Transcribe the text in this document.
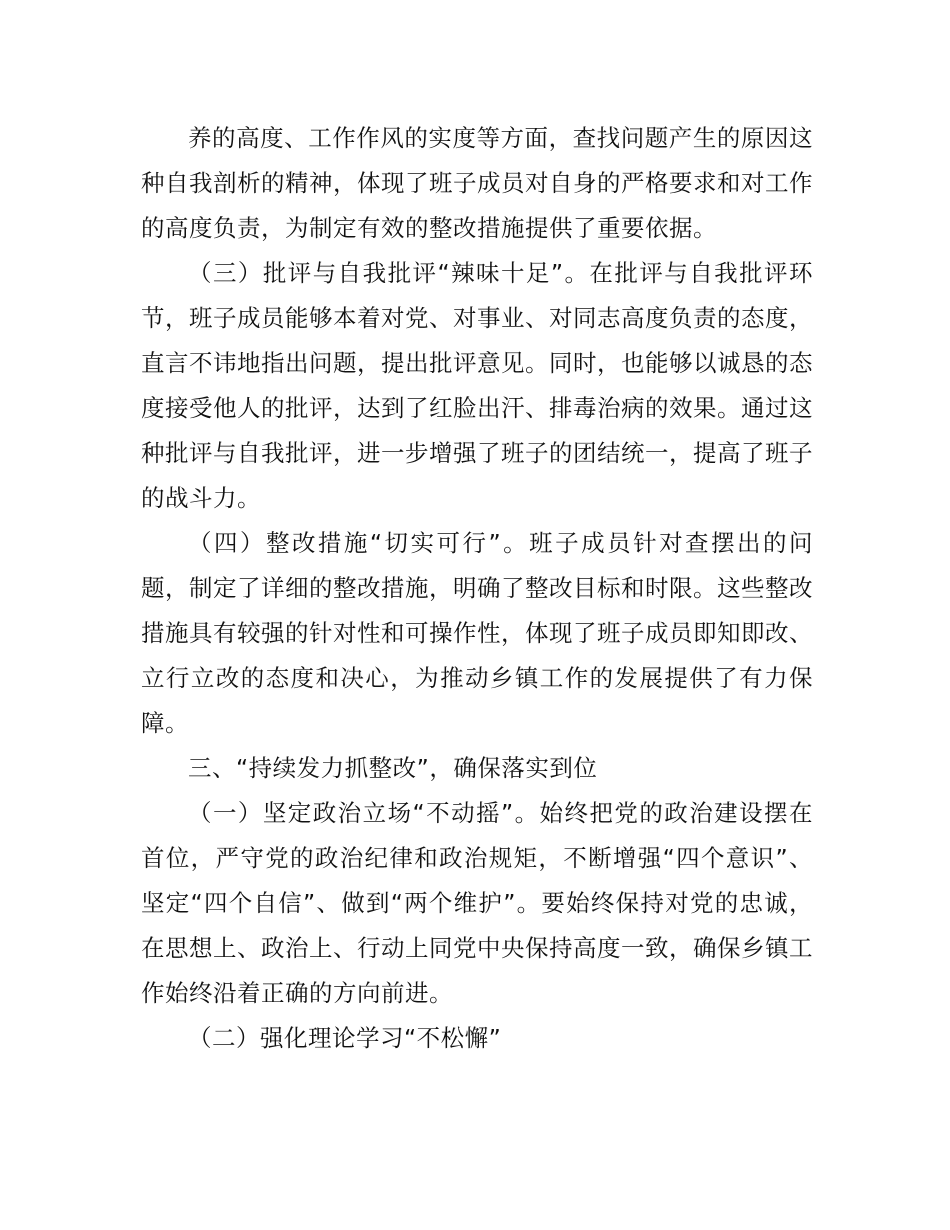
养的高度、工作作风的实度等方面，查找问题产生的原因这种自我剖析的精神，体现了班子成员对自身的严格要求和对工作的高度负责，为制定有效的整改措施提供了重要依据。

（三）批评与自我批评“辣味十足”。在批评与自我批评环节，班子成员能够本着对党、对事业、对同志高度负责的态度，直言不讳地指出问题，提出批评意见。同时，也能够以诚恳的态度接受他人的批评，达到了红脸出汗、排毒治病的效果。通过这种批评与自我批评，进一步增强了班子的团结统一，提高了班子的战斗力。

（四）整改措施“切实可行”。班子成员针对查摆出的问题，制定了详细的整改措施，明确了整改目标和时限。这些整改措施具有较强的针对性和可操作性，体现了班子成员即知即改、立行立改的态度和决心，为推动乡镇工作的发展提供了有力保障。

三、“持续发力抓整改”，确保落实到位

（一）坚定政治立场“不动摇”。始终把党的政治建设摆在首位，严守党的政治纪律和政治规矩，不断增强“四个意识”、坚定“四个自信”、做到“两个维护”。要始终保持对党的忠诚，在思想上、政治上、行动上同党中央保持高度一致，确保乡镇工作始终沿着正确的方向前进。

（二）强化理论学习“不松懈”
